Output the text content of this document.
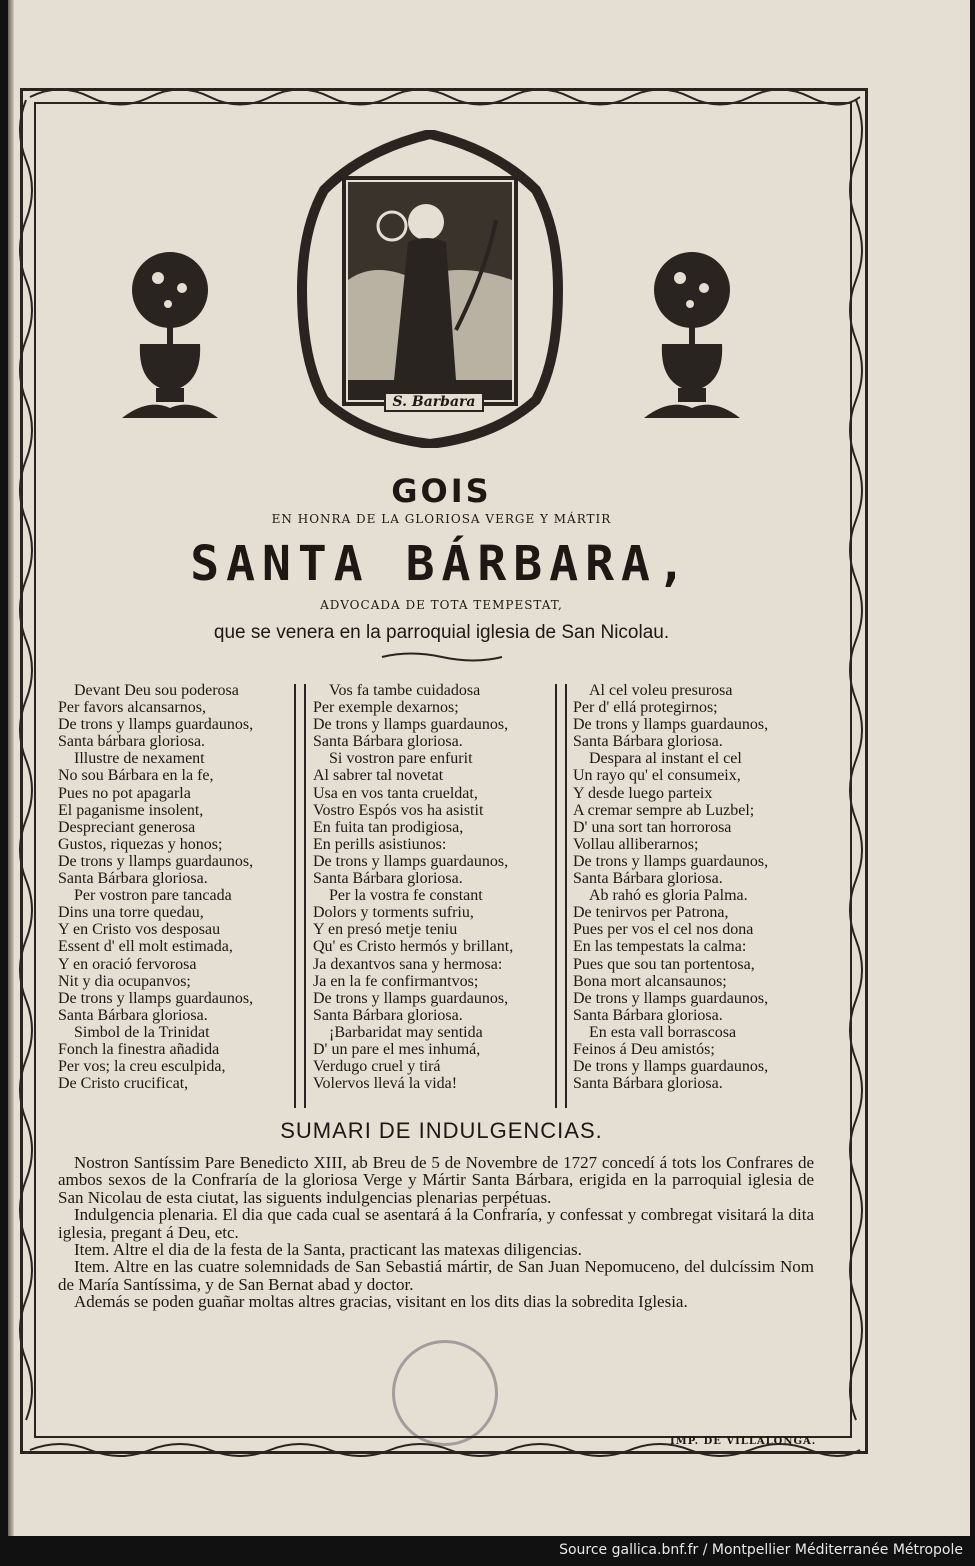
S. Barbara
GOIS
EN HONRA DE LA GLORIOSA VERGE Y MÁRTIR
SANTA BÁRBARA,
ADVOCADA DE TOTA TEMPESTAT,
que se venera en la parroquial iglesia de San Nicolau.
Devant Deu sou poderosa
Per favors alcansarnos,
De trons y llamps guardaunos,
Santa bárbara gloriosa.
Illustre de nexament
No sou Bárbara en la fe,
Pues no pot apagarla
El paganisme insolent,
Despreciant generosa
Gustos, riquezas y honos;
De trons y llamps guardaunos,
Santa Bárbara gloriosa.
Per vostron pare tancada
Dins una torre quedau,
Y en Cristo vos desposau
Essent d' ell molt estimada,
Y en oració fervorosa
Nit y dia ocupanvos;
De trons y llamps guardaunos,
Santa Bárbara gloriosa.
Simbol de la Trinidat
Fonch la finestra añadida
Per vos; la creu esculpida,
De Cristo crucificat,
Vos fa tambe cuidadosa
Per exemple dexarnos;
De trons y llamps guardaunos,
Santa Bárbara gloriosa.
Si vostron pare enfurit
Al sabrer tal novetat
Usa en vos tanta crueldat,
Vostro Espós vos ha asistit
En fuita tan prodigiosa,
En perills asistiunos:
De trons y llamps guardaunos,
Santa Bárbara gloriosa.
Per la vostra fe constant
Dolors y torments sufriu,
Y en presó metje teniu
Qu' es Cristo hermós y brillant,
Ja dexantvos sana y hermosa:
Ja en la fe confirmantvos;
De trons y llamps guardaunos,
Santa Bárbara gloriosa.
¡Barbaridat may sentida
D' un pare el mes inhumá,
Verdugo cruel y tirá
Volervos llevá la vida!
Al cel voleu presurosa
Per d' ellá protegirnos;
De trons y llamps guardaunos,
Santa Bárbara gloriosa.
Despara al instant el cel
Un rayo qu' el consumeix,
Y desde luego parteix
A cremar sempre ab Luzbel;
D' una sort tan horrorosa
Vollau alliberarnos;
De trons y llamps guardaunos,
Santa Bárbara gloriosa.
Ab rahó es gloria Palma.
De tenirvos per Patrona,
Pues per vos el cel nos dona
En las tempestats la calma:
Pues que sou tan portentosa,
Bona mort alcansaunos;
De trons y llamps guardaunos,
Santa Bárbara gloriosa.
En esta vall borrascosa
Feinos á Deu amistós;
De trons y llamps guardaunos,
Santa Bárbara gloriosa.
SUMARI DE INDULGENCIAS.

Nostron Santíssim Pare Benedicto XIII, ab Breu de 5 de Novembre de 1727 concedí á tots los Confrares de ambos sexos de la Confraría de la gloriosa Verge y Mártir Santa Bárbara, erigida en la parroquial iglesia de San Nicolau de esta ciutat, las siguents indulgencias plenarias perpétuas.

Indulgencia plenaria. El dia que cada cual se asentará á la Confraría, y confessat y combregat visitará la dita iglesia, pregant á Deu, etc.

Item. Altre el dia de la festa de la Santa, practicant las matexas diligencias.

Item. Altre en las cuatre solemnidads de San Sebastiá mártir, de San Juan Nepomuceno, del dulcíssim Nom de María Santíssima, y de San Bernat abad y doctor.

Además se poden guañar moltas altres gracias, visitant en los dits dias la sobredita Iglesia.

IMP. DE VILLALONGA.
Source gallica.bnf.fr / Montpellier Méditerranée Métropole
